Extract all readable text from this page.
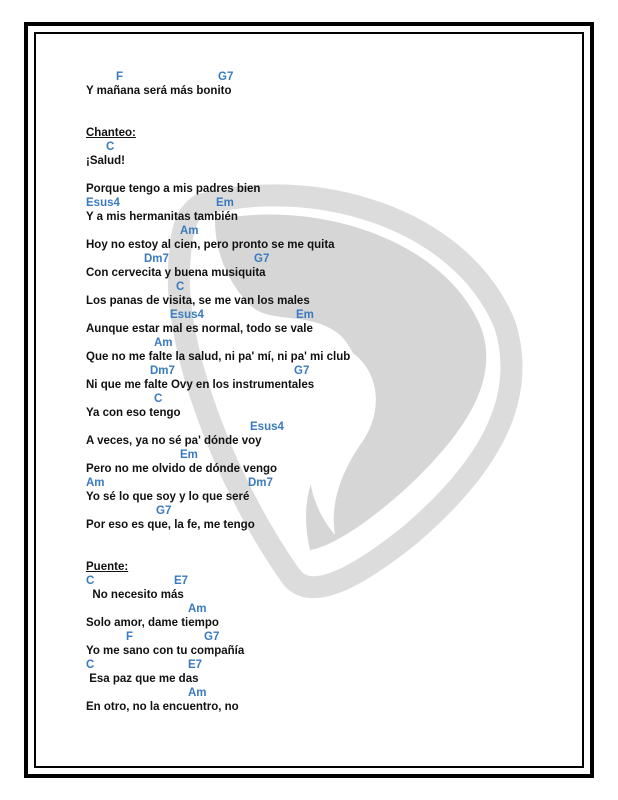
F	G7
Y mañana será más bonito
Chanteo:
C
¡Salud!
Porque tengo a mis padres bien
Esus4	Em
Y a mis hermanitas también
Am
Hoy no estoy al cien, pero pronto se me quita
Dm7	G7
Con cervecita y buena musiquita
C
Los panas de visita, se me van los males
Esus4	Em
Aunque estar mal es normal, todo se vale
Am
Que no me falte la salud, ni pa' mí, ni pa' mi club
Dm7	G7
Ni que me falte Ovy en los instrumentales
C
Ya con eso tengo
Esus4
A veces, ya no sé pa' dónde voy
Em
Pero no me olvido de dónde vengo
Am	Dm7
Yo sé lo que soy y lo que seré
G7
Por eso es que, la fe, me tengo
Puente:
C	E7
No necesito más
Am
Solo amor, dame tiempo
F	G7
Yo me sano con tu compañía
C	E7
Esa paz que me das
Am
En otro, no la encuentro, no
